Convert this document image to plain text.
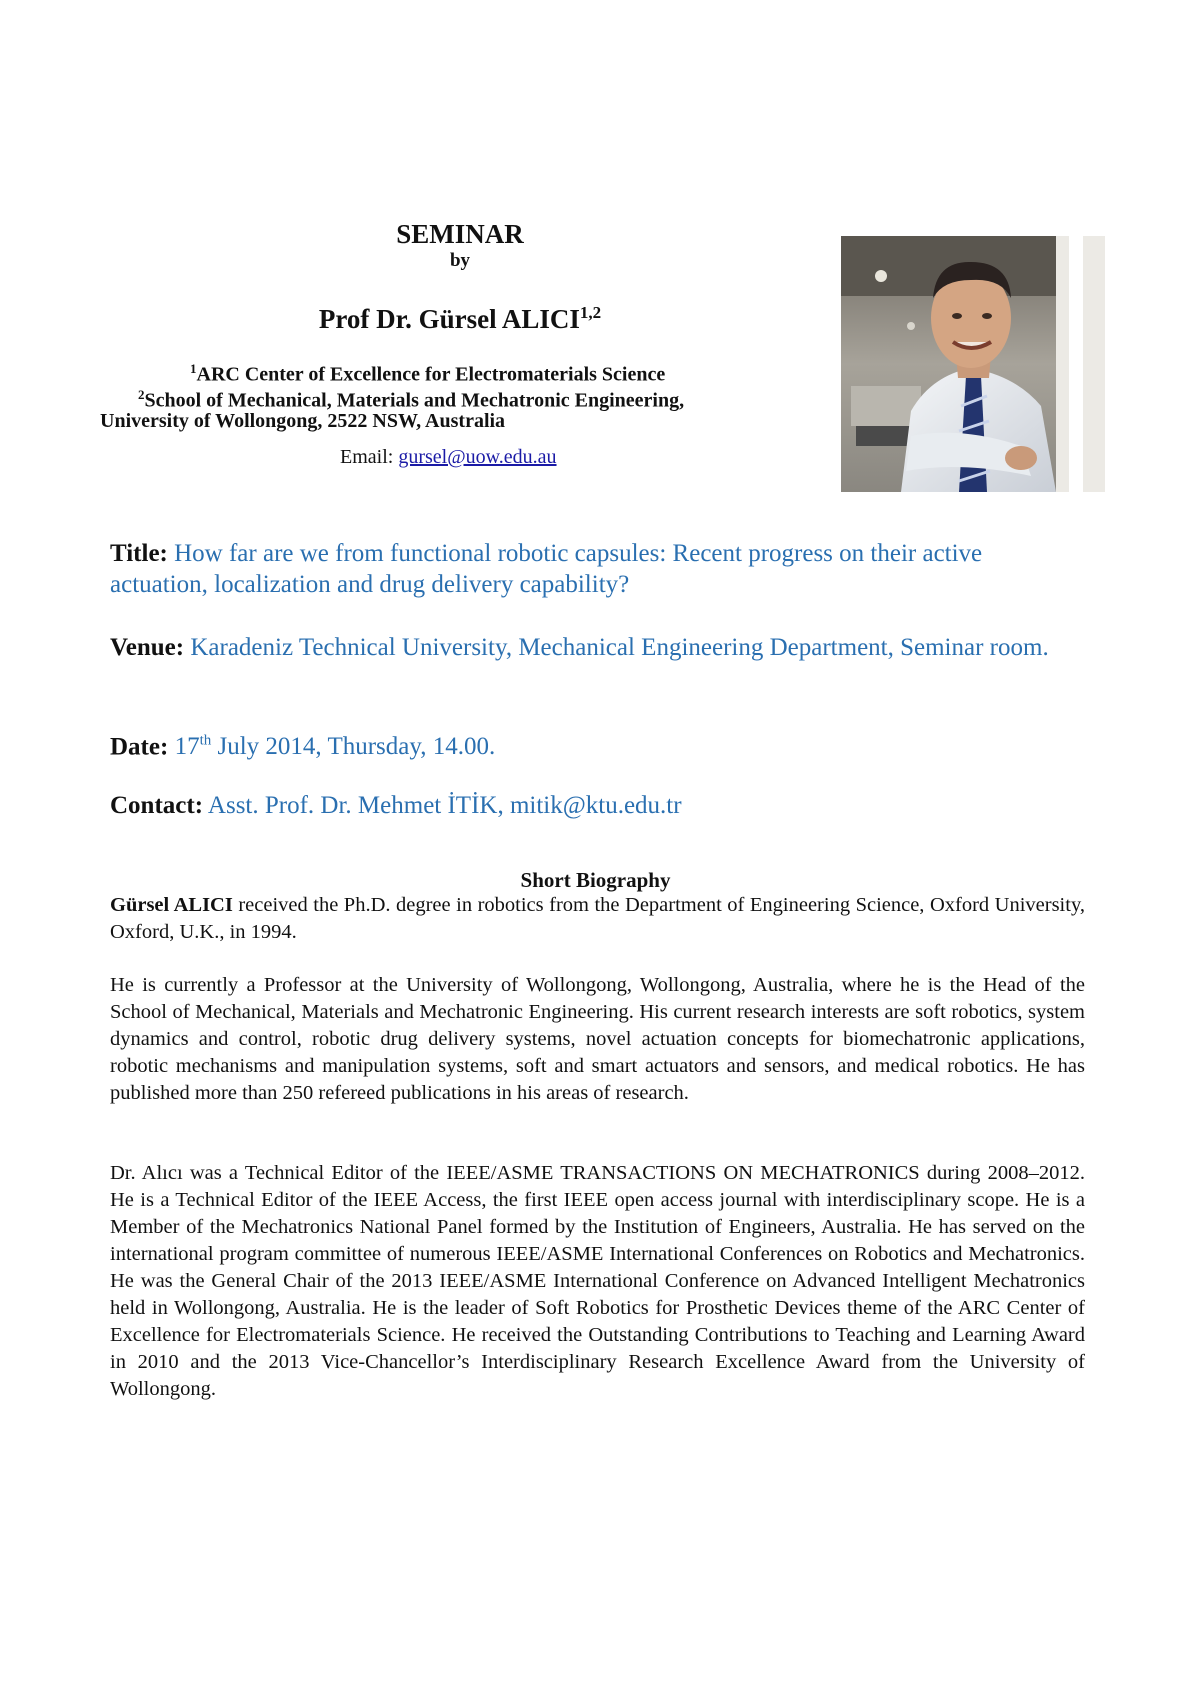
SEMINAR
by
Prof Dr. Gürsel ALICI$^{1,2}$
$^1$ARC Center of Excellence for Electromaterials Science
$^2$School of Mechanical, Materials and Mechatronic Engineering,
University of Wollongong, 2522 NSW, Australia
Email: gursel@uow.edu.au
Title: How far are we from functional robotic capsules: Recent progress on their active actuation, localization and drug delivery capability?
Venue: Karadeniz Technical University, Mechanical Engineering Department, Seminar room.
Date: 17th July 2014, Thursday, 14.00.
Contact: Asst. Prof. Dr. Mehmet İTİK, mitik@ktu.edu.tr
Short Biography
Gürsel ALICI received the Ph.D. degree in robotics from the Department of Engineering Science, Oxford University, Oxford, U.K., in 1994.
He is currently a Professor at the University of Wollongong, Wollongong, Australia, where he is the Head of the School of Mechanical, Materials and Mechatronic Engineering. His current research interests are soft robotics, system dynamics and control, robotic drug delivery systems, novel actuation concepts for biomechatronic applications, robotic mechanisms and manipulation systems, soft and smart actuators and sensors, and medical robotics. He has published more than 250 refereed publications in his areas of research.
Dr. Alıcı was a Technical Editor of the IEEE/ASME TRANSACTIONS ON MECHATRONICS during 2008–2012. He is a Technical Editor of the IEEE Access, the first IEEE open access journal with interdisciplinary scope. He is a Member of the Mechatronics National Panel formed by the Institution of Engineers, Australia. He has served on the international program committee of numerous IEEE/ASME International Conferences on Robotics and Mechatronics. He was the General Chair of the 2013 IEEE/ASME International Conference on Advanced Intelligent Mechatronics held in Wollongong, Australia. He is the leader of Soft Robotics for Prosthetic Devices theme of the ARC Center of Excellence for Electromaterials Science. He received the Outstanding Contributions to Teaching and Learning Award in 2010 and the 2013 Vice-Chancellor’s Interdisciplinary Research Excellence Award from the University of Wollongong.
